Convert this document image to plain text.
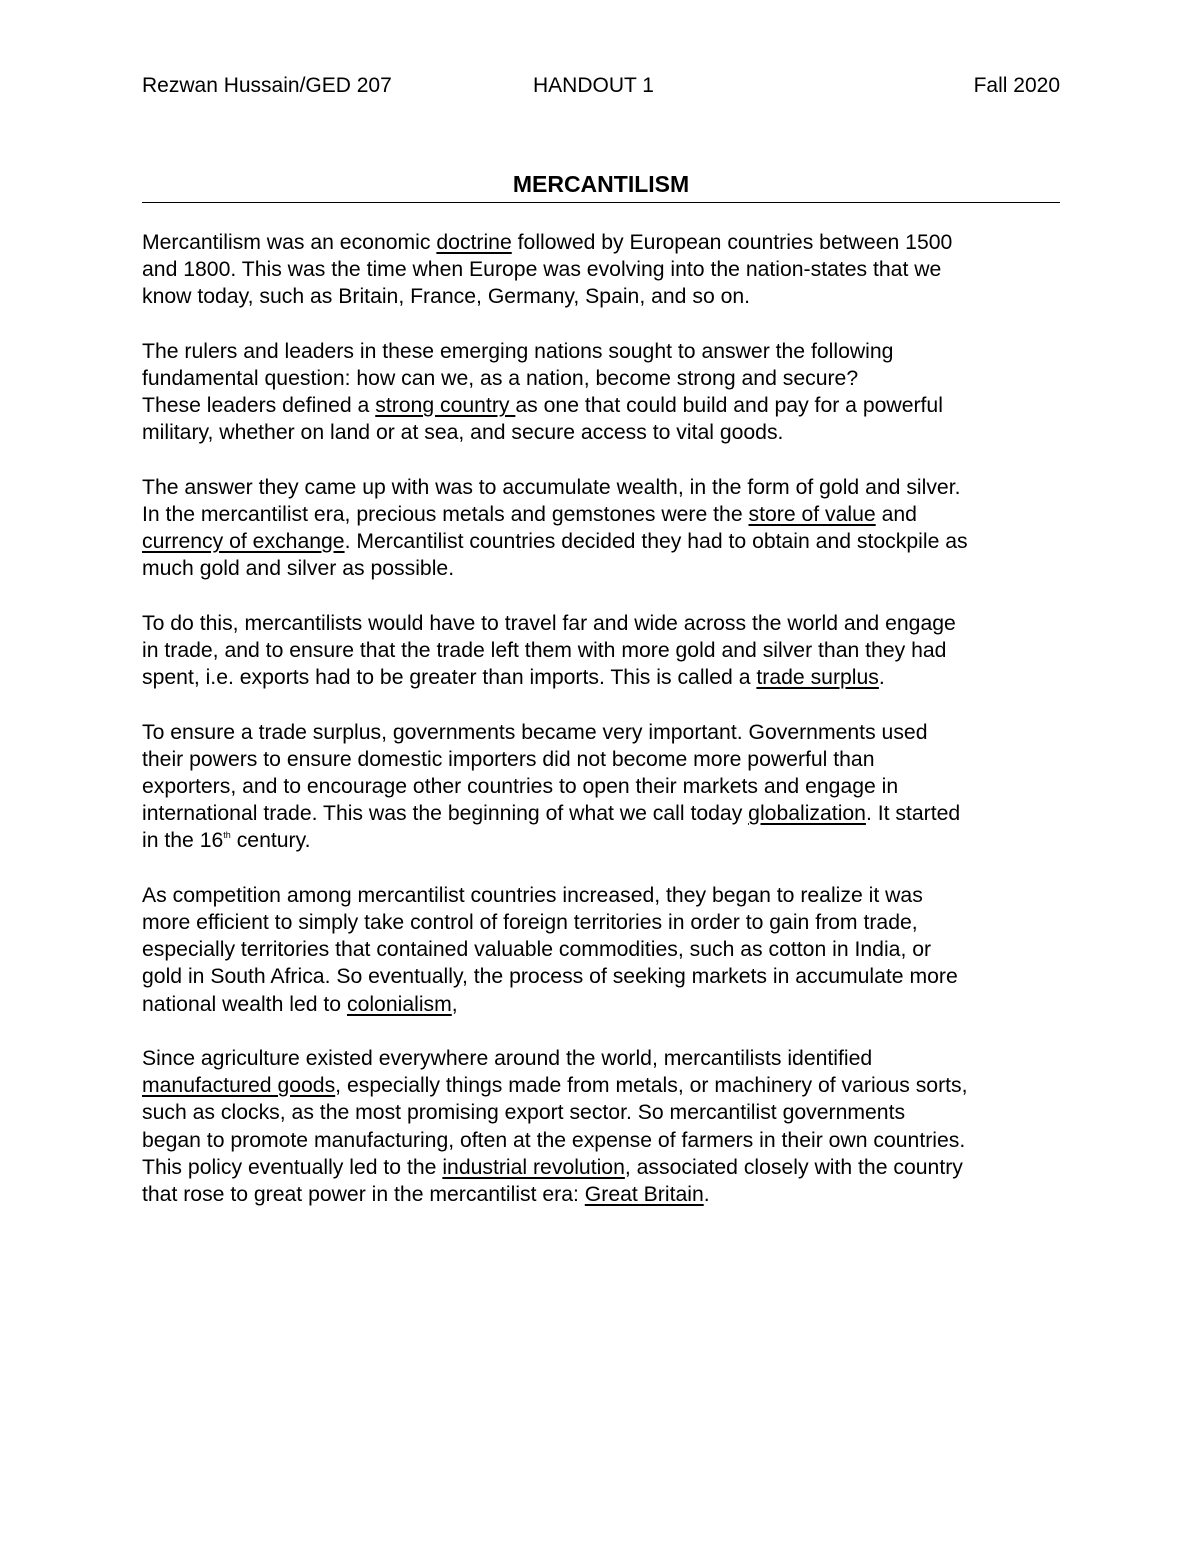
Rezwan Hussain/GED 207	HANDOUT 1	Fall 2020
MERCANTILISM
Mercantilism was an economic doctrine followed by European countries between 1500
and 1800. This was the time when Europe was evolving into the nation-states that we
know today, such as Britain, France, Germany, Spain, and so on.
The rulers and leaders in these emerging nations sought to answer the following
fundamental question: how can we, as a nation, become strong and secure?
These leaders defined a strong country as one that could build and pay for a powerful
military, whether on land or at sea, and secure access to vital goods.
The answer they came up with was to accumulate wealth, in the form of gold and silver.
In the mercantilist era, precious metals and gemstones were the store of value and
currency of exchange. Mercantilist countries decided they had to obtain and stockpile as
much gold and silver as possible.
To do this, mercantilists would have to travel far and wide across the world and engage
in trade, and to ensure that the trade left them with more gold and silver than they had
spent, i.e. exports had to be greater than imports. This is called a trade surplus.
To ensure a trade surplus, governments became very important. Governments used
their powers to ensure domestic importers did not become more powerful than
exporters, and to encourage other countries to open their markets and engage in
international trade. This was the beginning of what we call today globalization. It started
in the 16th century.
As competition among mercantilist countries increased, they began to realize it was
more efficient to simply take control of foreign territories in order to gain from trade,
especially territories that contained valuable commodities, such as cotton in India, or
gold in South Africa. So eventually, the process of seeking markets in accumulate more
national wealth led to colonialism,
Since agriculture existed everywhere around the world, mercantilists identified
manufactured goods, especially things made from metals, or machinery of various sorts,
such as clocks, as the most promising export sector. So mercantilist governments
began to promote manufacturing, often at the expense of farmers in their own countries.
This policy eventually led to the industrial revolution, associated closely with the country
that rose to great power in the mercantilist era: Great Britain.
